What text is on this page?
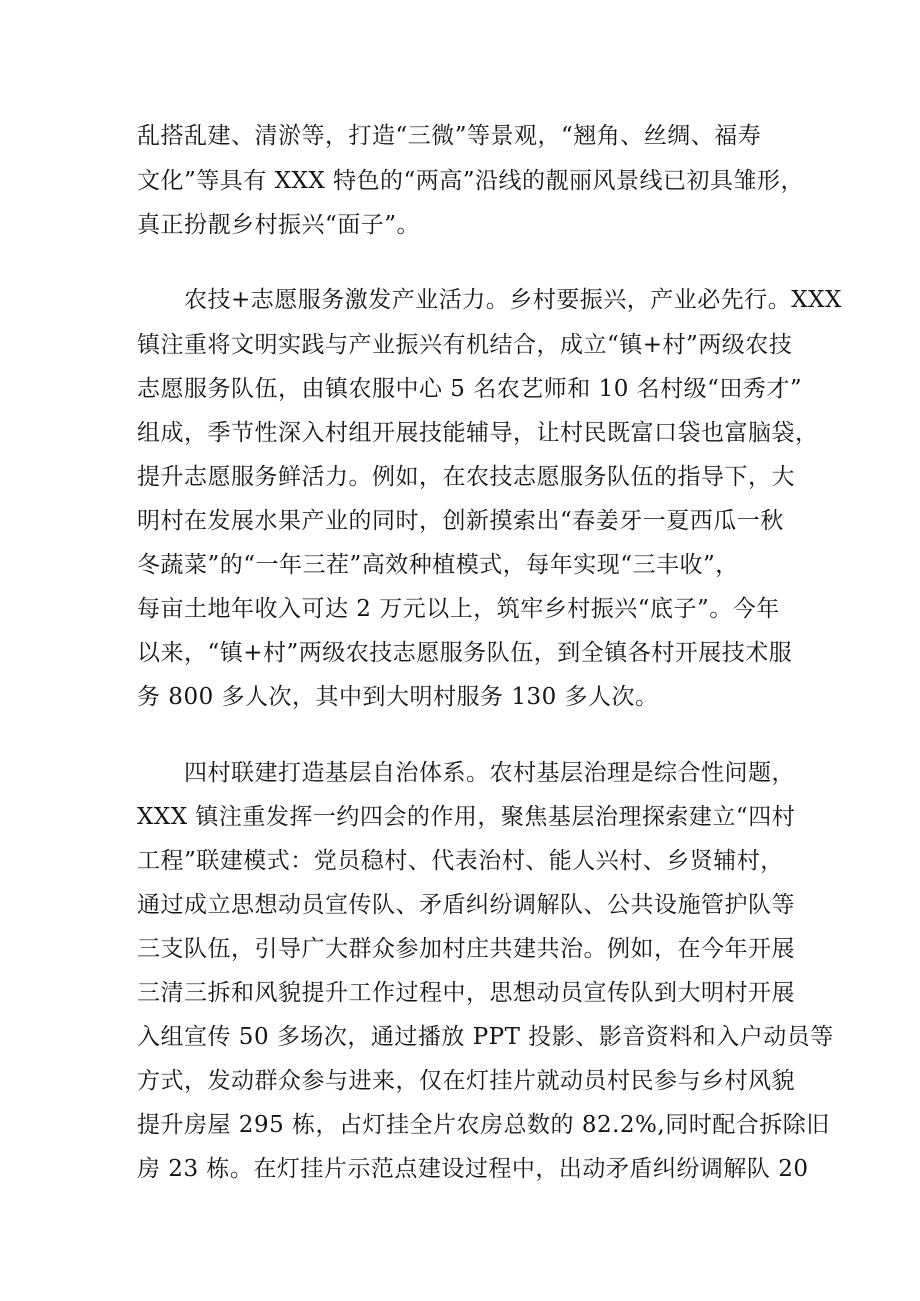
乱搭乱建、清淤等，打造“三微”等景观，“翘角、丝绸、福寿
文化”等具有 XXX 特色的“两高”沿线的靓丽风景线已初具雏形，
真正扮靓乡村振兴“面子”。
农技+志愿服务激发产业活力。乡村要振兴，产业必先行。XXX
镇注重将文明实践与产业振兴有机结合，成立“镇+村”两级农技
志愿服务队伍，由镇农服中心 5 名农艺师和 10 名村级“田秀才”
组成，季节性深入村组开展技能辅导，让村民既富口袋也富脑袋，
提升志愿服务鲜活力。例如，在农技志愿服务队伍的指导下，大
明村在发展水果产业的同时，创新摸索出“春姜牙一夏西瓜一秋
冬蔬菜”的“一年三茬”高效种植模式，每年实现“三丰收”，
每亩土地年收入可达 2 万元以上，筑牢乡村振兴“底子”。今年
以来，“镇+村”两级农技志愿服务队伍，到全镇各村开展技术服
务 800 多人次，其中到大明村服务 130 多人次。
四村联建打造基层自治体系。农村基层治理是综合性问题，
XXX 镇注重发挥一约四会的作用，聚焦基层治理探索建立“四村
工程”联建模式：党员稳村、代表治村、能人兴村、乡贤辅村，
通过成立思想动员宣传队、矛盾纠纷调解队、公共设施管护队等
三支队伍，引导广大群众参加村庄共建共治。例如，在今年开展
三清三拆和风貌提升工作过程中，思想动员宣传队到大明村开展
入组宣传 50 多场次，通过播放 PPT 投影、影音资料和入户动员等
方式，发动群众参与进来，仅在灯挂片就动员村民参与乡村风貌
提升房屋 295 栋，占灯挂全片农房总数的 82.2%,同时配合拆除旧
房 23 栋。在灯挂片示范点建设过程中，出动矛盾纠纷调解队 20
